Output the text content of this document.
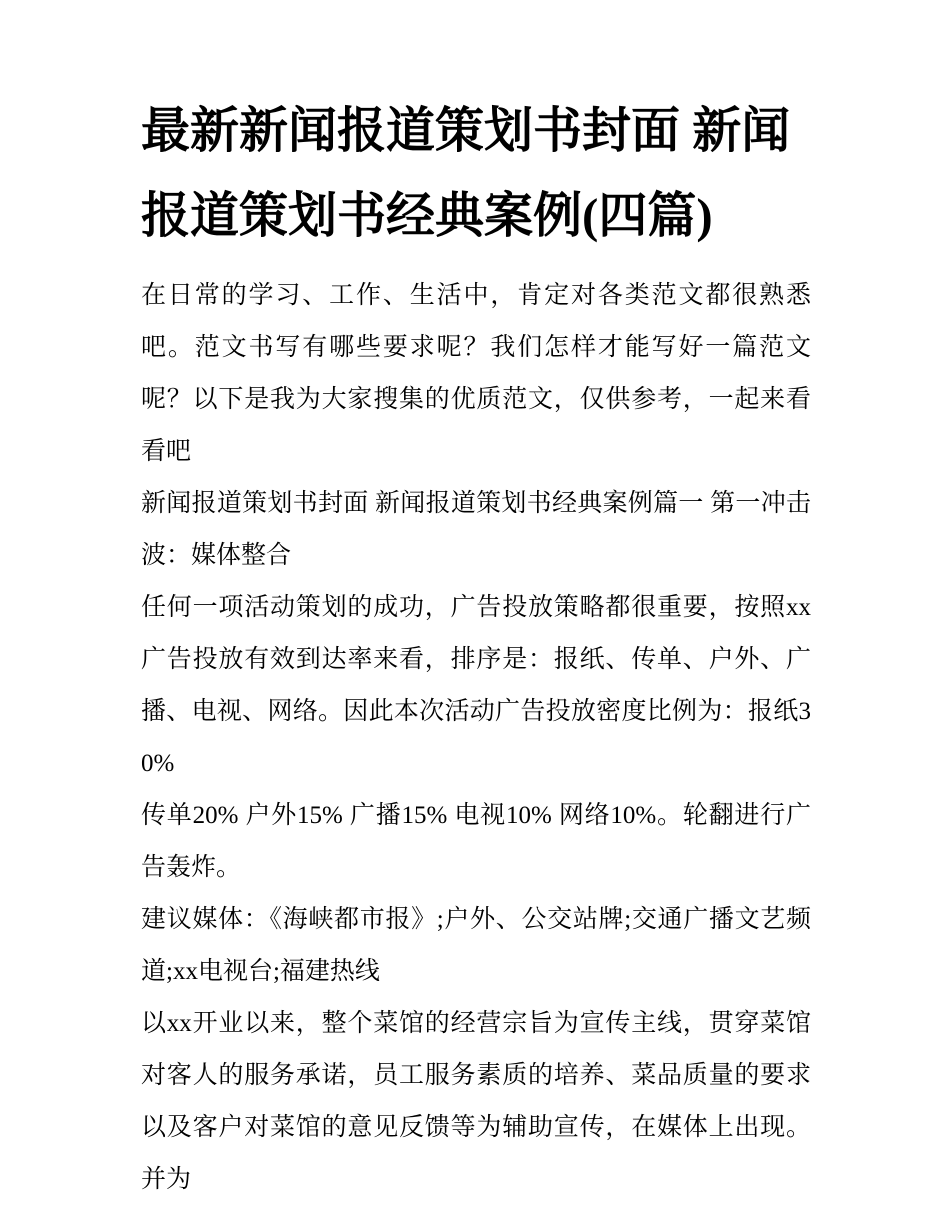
最新新闻报道策划书封面 新闻报道策划书经典案例(四篇)

在日常的学习、工作、生活中，肯定对各类范文都很熟悉吧。范文书写有哪些要求呢？我们怎样才能写好一篇范文呢？以下是我为大家搜集的优质范文，仅供参考，一起来看看吧

新闻报道策划书封面 新闻报道策划书经典案例篇一 第一冲击波：媒体整合

任何一项活动策划的成功，广告投放策略都很重要，按照xx广告投放有效到达率来看，排序是：报纸、传单、户外、广播、电视、网络。因此本次活动广告投放密度比例为：报纸30%

传单20% 户外15% 广播15% 电视10% 网络10%。轮翻进行广告轰炸。

建议媒体：《海峡都市报》;户外、公交站牌;交通广播文艺频道;xx电视台;福建热线

以xx开业以来，整个菜馆的经营宗旨为宣传主线，贯穿菜馆对客人的服务承诺，员工服务素质的培养、菜品质量的要求以及客户对菜馆的意见反馈等为辅助宣传，在媒体上出现。并为
